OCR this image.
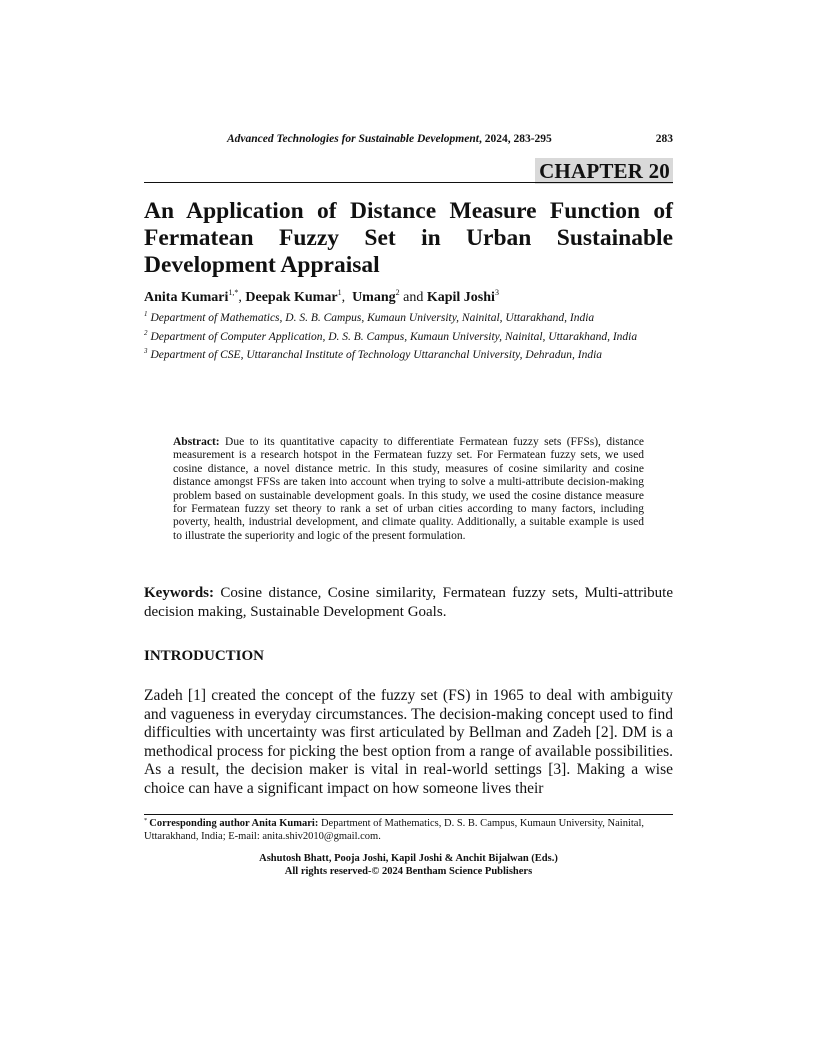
Advanced Technologies for Sustainable Development, 2024, 283-295	283
CHAPTER 20
An Application of Distance Measure Function of Fermatean Fuzzy Set in Urban Sustainable Development Appraisal
Anita Kumari$^{1,*}$, Deepak Kumar$^1$,  Umang$^2$ and Kapil Joshi$^3$

$^1$ Department of Mathematics, D. S. B. Campus, Kumaun University, Nainital, Uttarakhand, India

$^2$ Department of Computer Application, D. S. B. Campus, Kumaun University, Nainital, Uttarakhand, India

$^3$ Department of CSE, Uttaranchal Institute of Technology Uttaranchal University, Dehradun, India

Abstract: Due to its quantitative capacity to differentiate Fermatean fuzzy sets (FFSs), distance measurement is a research hotspot in the Fermatean fuzzy set. For Fermatean fuzzy sets, we used cosine distance, a novel distance metric. In this study, measures of cosine similarity and cosine distance amongst FFSs are taken into account when trying to solve a multi-attribute decision-making problem based on sustainable development goals. In this study, we used the cosine distance measure for Fermatean fuzzy set theory to rank a set of urban cities according to many factors, including poverty, health, industrial development, and climate quality. Additionally, a suitable example is used to illustrate the superiority and logic of the present formulation.

Keywords: Cosine distance, Cosine similarity, Fermatean fuzzy sets, Multi-attribute decision making, Sustainable Development Goals.

INTRODUCTION

Zadeh [1] created the concept of the fuzzy set (FS) in 1965 to deal with ambiguity and vagueness in everyday circumstances. The decision-making concept used to find difficulties with uncertainty was first articulated by Bellman and Zadeh [2]. DM is a methodical process for picking the best option from a range of available possibilities. As a result, the decision maker is vital in real-world settings [3]. Making a wise choice can have a significant impact on how someone lives their

* Corresponding author Anita Kumari: Department of Mathematics, D. S. B. Campus, Kumaun University, Nainital, Uttarakhand, India; E-mail: anita.shiv2010@gmail.com.

Ashutosh Bhatt, Pooja Joshi, Kapil Joshi & Anchit Bijalwan (Eds.)
All rights reserved-© 2024 Bentham Science Publishers
